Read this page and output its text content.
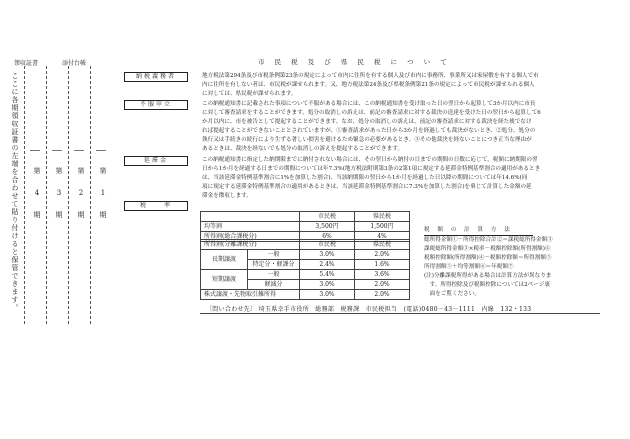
領収証書	添付台帳
ここに各期領収証書の左端を合わせて貼り付けると保管できます。 第
4
期
第
3
期
第
2
期
第
1
期
市 民 税 及 び 県 民 税 に つ い て
納税義務者	地方税法第294条及び市税条例第23条の規定によって市内に住所を有する個人及び市内に事務所、事業所又は家屋敷を有する個人で市
内に住所を有しない者は、市民税が課せられます。又、地方税法第24条及び県税条例第21条の規定によって市民税が課せられる個人
に対しては、県民税が課せられます。
不服申立	この納税通知書に記載された事項について不服がある場合には、この納税通知書を受け取った日の翌日から起算して3か月以内に市長
に対して審査請求をすることができます。処分の取消しの訴えは、前記の審査請求に対する裁決の送達を受けた日の翌日から起算して6
か月以内に、市を被告として提起することができます。なお、処分の取消しの訴えは、前記の審査請求に対する裁決を経た後でなけ
れば提起することができないこととされていますが、①審査請求があった日から3か月を経過しても裁決がないとき、②処分、処分の
執行又は手続きの続行により生ずる著しい損害を避けるため緊急の必要があるとき、③その他裁決を経ないことにつき正当な理由が
あるときは、裁決を経ないでも処分の取消しの訴えを提起することができます。
延滞金	この納税通知書に指定した納期限までに納付されない場合には、その翌日から納付の日までの期間の日数に応じて、税額に納期限の翌
日から1か月を経過する日までの期間については年7.3%(地方税法附則第3条の2第1項に規定する延滞金特例基準割合の適用があるとき
は、当該延滞金特例基準割合に1%を加算した割合)、当該納期限の翌日から1か月を経過した日以降の期間については年14.6%(同
項に規定する延滞金特例基準割合の適用があるときは、当該延滞金特例基準割合に7.3%を加算した割合)を乗じて計算した金額の延
滞金を徴収します。
税　　率
	市民税	県民税
均等割	3,500円	1,500円
所得割(総合課税分)	6%	4%
所得割(分離課税分)		市民税	県民税
長期譲渡	一般	3.0%	2.0%
	特定分・軽課分	2.4%	1.6%
短期譲渡	一般	5.4%	3.6%
	軽減分	3.0%	2.0%
株式譲渡・先物取引雑所得		3.0%	2.0%
税 額 の 計 算 方 法
総所得金額①－所得控除合計②＝課税総所得金額③
課税総所得金額③×税率－税額控除額(所得割額)④
税額控除額(所得割額)④－税額控除額＝所得割額⑤
所得割額⑤＋均等割額⑥＝年税額⑦
(注)分離課税所得がある場合は計算方法が異なりま
　す。所得控除及び税額控除については2ページ裏
　面をご覧ください。
〔問い合わせ先〕 埼玉県幸手市役所　総務部　税務課　市民税担当　(電話)0480－43－1111　内線　132・133
